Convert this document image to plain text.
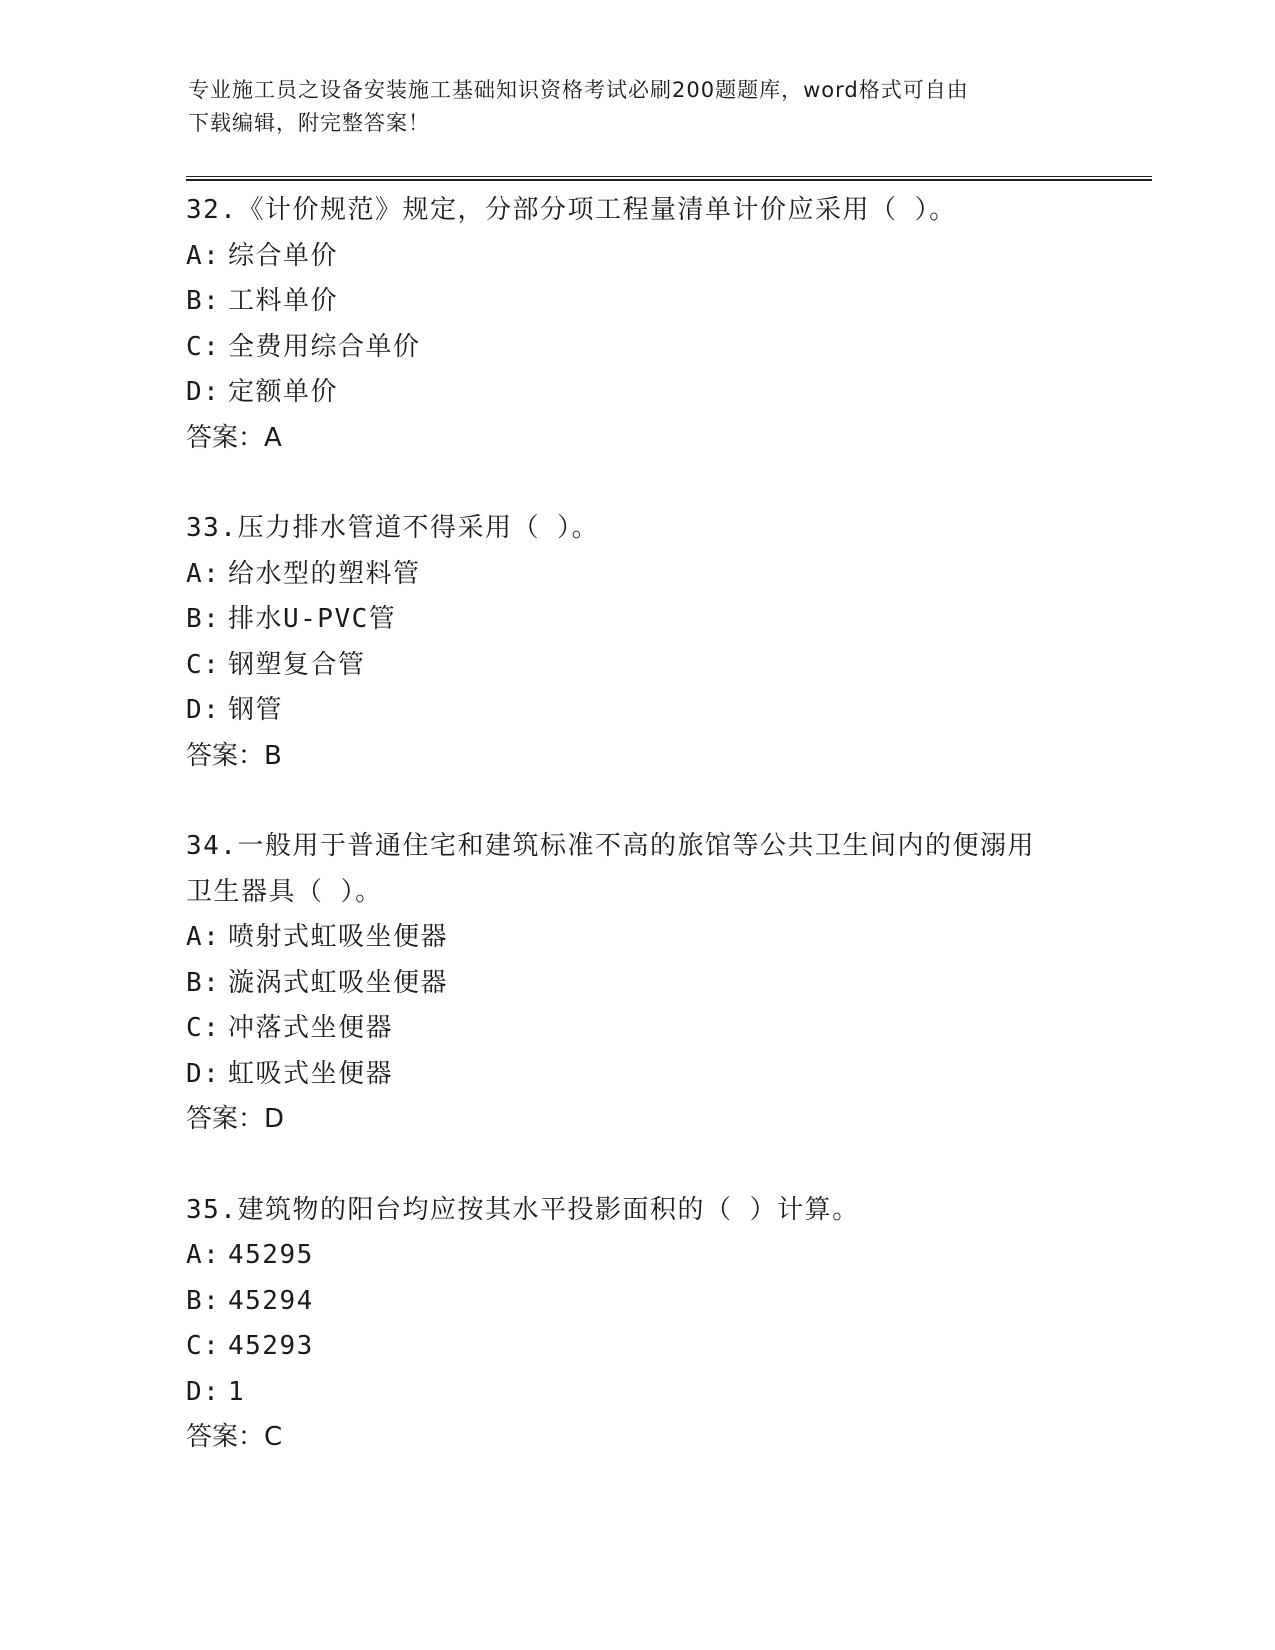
专业施工员之设备安装施工基础知识资格考试必刷200题题库，word格式可自由
下载编辑，附完整答案！
32.《计价规范》规定，分部分项工程量清单计价应采用（ ）。
A: 综合单价
B: 工料单价
C: 全费用综合单价
D: 定额单价
答案：A
33.压力排水管道不得采用（ ）。
A: 给水型的塑料管
B: 排水U-PVC管
C: 钢塑复合管
D: 钢管
答案：B
34.一般用于普通住宅和建筑标准不高的旅馆等公共卫生间内的便溺用
卫生器具（ ）。
A: 喷射式虹吸坐便器
B: 漩涡式虹吸坐便器
C: 冲落式坐便器
D: 虹吸式坐便器
答案：D
35.建筑物的阳台均应按其水平投影面积的（ ）计算。
A: 45295
B: 45294
C: 45293
D: 1
答案：C
